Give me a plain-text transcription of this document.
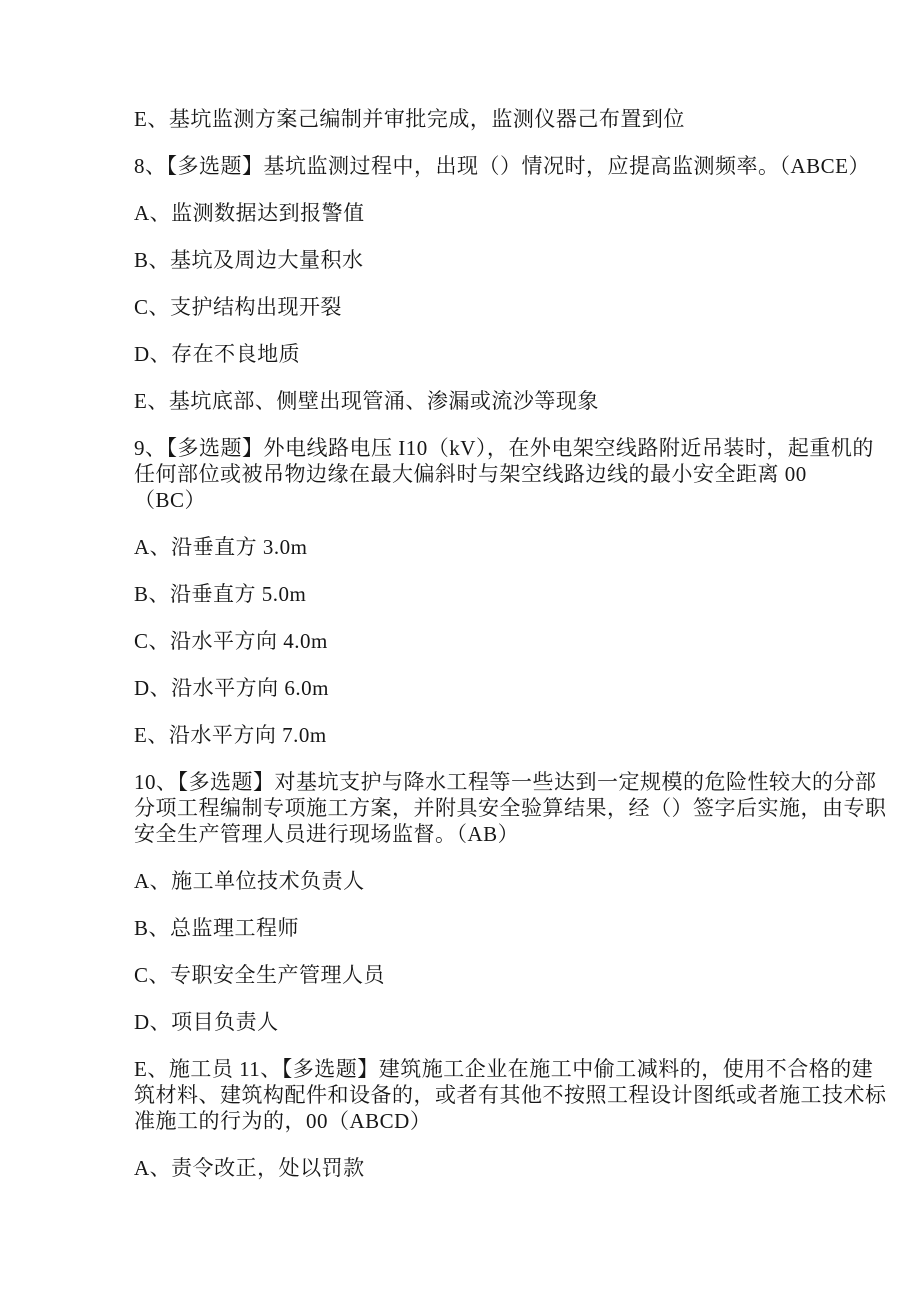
E、基坑监测方案己编制并审批完成，监测仪器己布置到位
8、【多选题】基坑监测过程中，出现（）情况时，应提高监测频率。（ABCE）
A、监测数据达到报警值
B、基坑及周边大量积水
C、支护结构出现开裂
D、存在不良地质
E、基坑底部、侧壁出现管涌、渗漏或流沙等现象
9、【多选题】外电线路电压 I10（kV），在外电架空线路附近吊装时，起重机的
任何部位或被吊物边缘在最大偏斜时与架空线路边线的最小安全距离 00
（BC）
A、沿垂直方 3.0m
B、沿垂直方 5.0m
C、沿水平方向 4.0m
D、沿水平方向 6.0m
E、沿水平方向 7.0m
10、【多选题】对基坑支护与降水工程等一些达到一定规模的危险性较大的分部
分项工程编制专项施工方案，并附具安全验算结果，经（）签字后实施，由专职
安全生产管理人员进行现场监督。（AB）
A、施工单位技术负责人
B、总监理工程师
C、专职安全生产管理人员
D、项目负责人
E、施工员 11、【多选题】建筑施工企业在施工中偷工减料的，使用不合格的建
筑材料、建筑构配件和设备的，或者有其他不按照工程设计图纸或者施工技术标
准施工的行为的，00（ABCD）
A、责令改正，处以罚款
